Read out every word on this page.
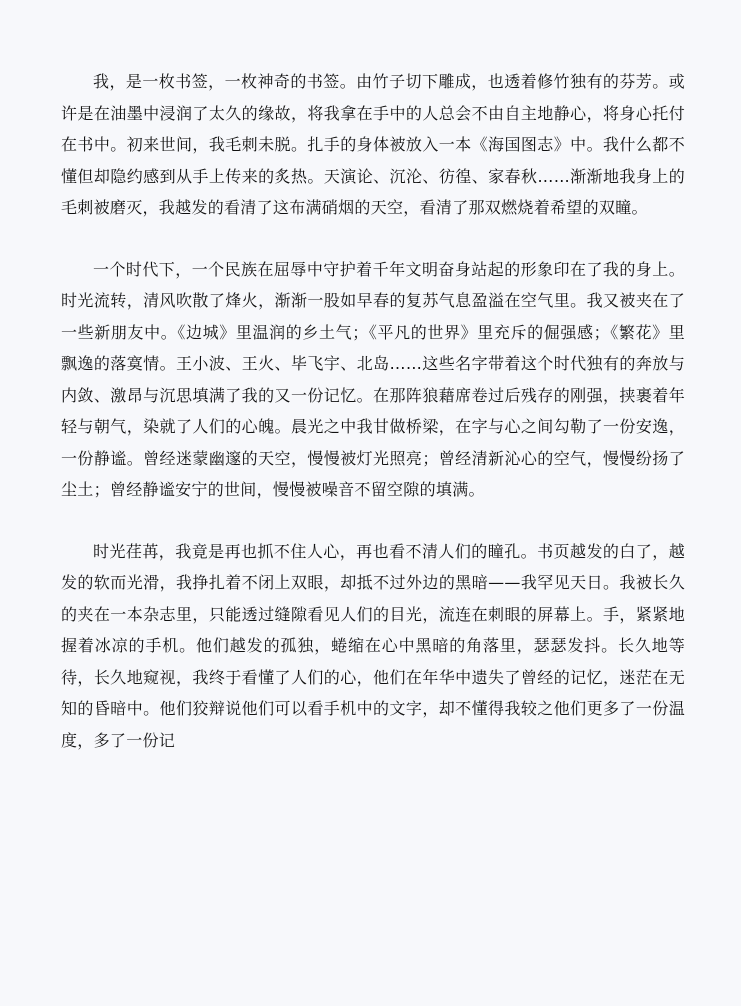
我，是一枚书签，一枚神奇的书签。由竹子切下雕成，也透着修竹独有的芬芳。或许是在油墨中浸润了太久的缘故，将我拿在手中的人总会不由自主地静心，将身心托付在书中。初来世间，我毛刺未脱。扎手的身体被放入一本《海国图志》中。我什么都不懂但却隐约感到从手上传来的炙热。天演论、沉沦、彷徨、家春秋……渐渐地我身上的毛刺被磨灭，我越发的看清了这布满硝烟的天空，看清了那双燃烧着希望的双瞳。

一个时代下，一个民族在屈辱中守护着千年文明奋身站起的形象印在了我的身上。时光流转，清风吹散了烽火，渐渐一股如早春的复苏气息盈溢在空气里。我又被夹在了一些新朋友中。《边城》里温润的乡土气；《平凡的世界》里充斥的倔强感；《繁花》里飘逸的落寞情。王小波、王火、毕飞宇、北岛……这些名字带着这个时代独有的奔放与内敛、激昂与沉思填满了我的又一份记忆。在那阵狼藉席卷过后残存的刚强，挟裹着年轻与朝气，染就了人们的心魄。晨光之中我甘做桥梁，在字与心之间勾勒了一份安逸，一份静谧。曾经迷蒙幽邃的天空，慢慢被灯光照亮；曾经清新沁心的空气，慢慢纷扬了尘土；曾经静谧安宁的世间，慢慢被噪音不留空隙的填满。

时光荏苒，我竟是再也抓不住人心，再也看不清人们的瞳孔。书页越发的白了，越发的软而光滑，我挣扎着不闭上双眼，却抵不过外边的黑暗——我罕见天日。我被长久的夹在一本杂志里，只能透过缝隙看见人们的目光，流连在刺眼的屏幕上。手，紧紧地握着冰凉的手机。他们越发的孤独，蜷缩在心中黑暗的角落里，瑟瑟发抖。长久地等待，长久地窥视，我终于看懂了人们的心，他们在年华中遗失了曾经的记忆，迷茫在无知的昏暗中。他们狡辩说他们可以看手机中的文字，却不懂得我较之他们更多了一份温度，多了一份记
